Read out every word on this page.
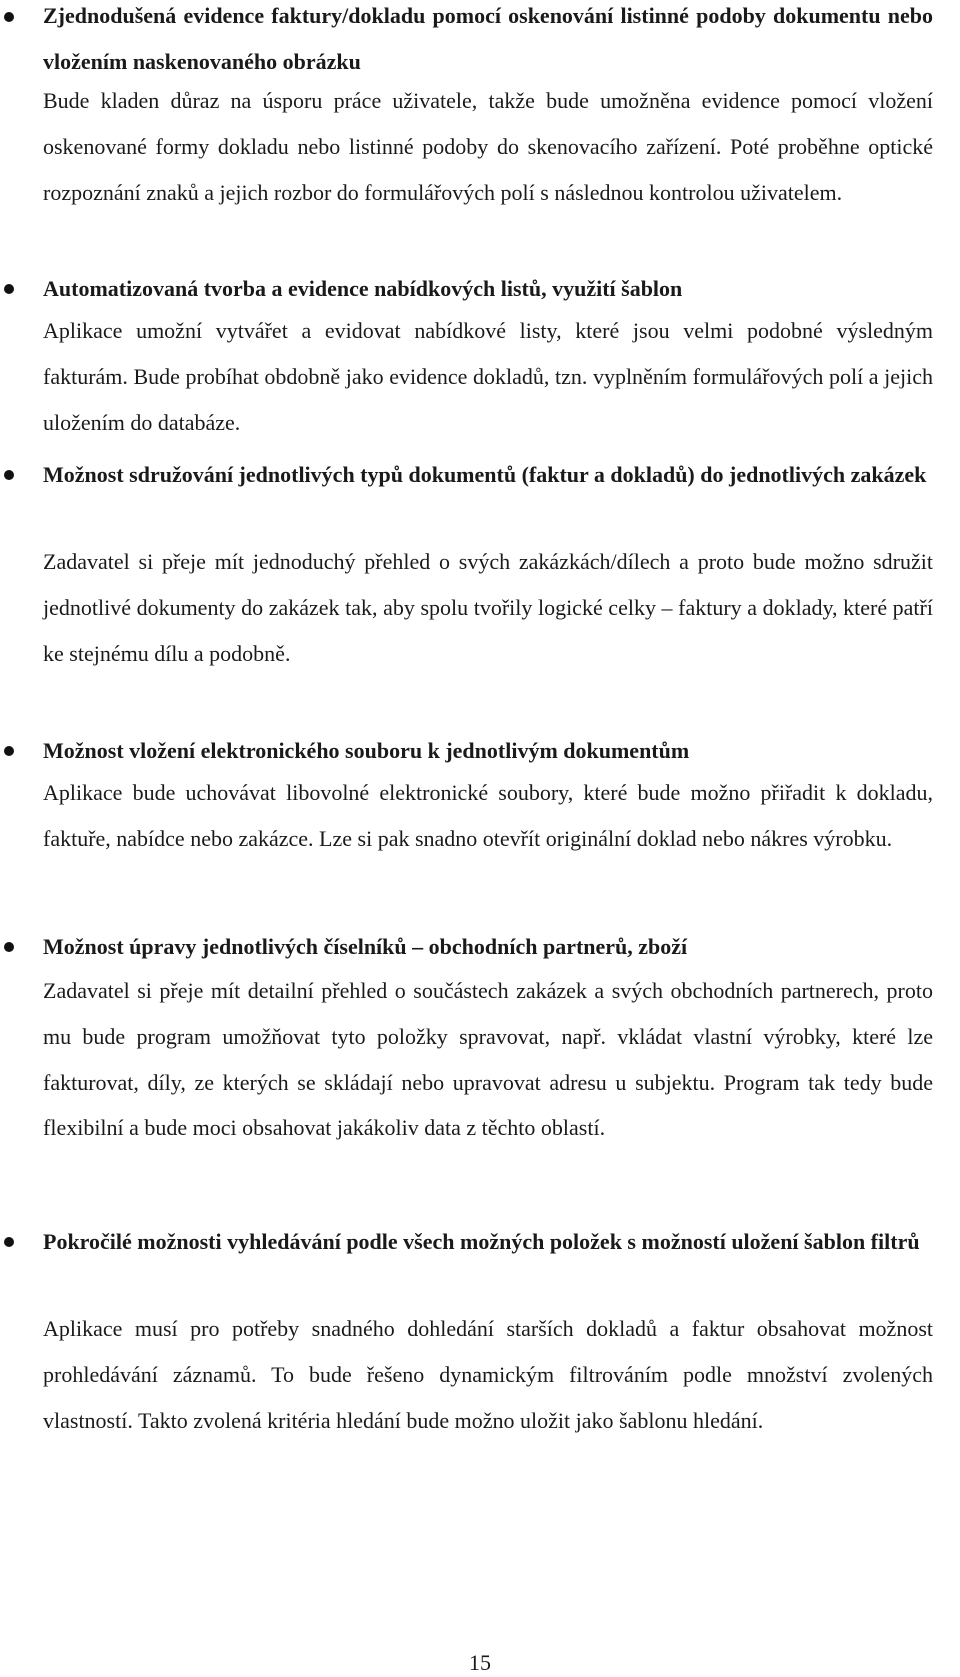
Zjednodušená evidence faktury/dokladu pomocí oskenování listinné podoby dokumentu nebo vložením naskenovaného obrázku
Bude kladen důraz na úsporu práce uživatele, takže bude umožněna evidence pomocí vložení oskenované formy dokladu nebo listinné podoby do skenovacího zařízení. Poté proběhne optické rozpoznání znaků a jejich rozbor do formulářových polí s následnou kontrolou uživatelem.
Automatizovaná tvorba a evidence nabídkových listů, využití šablon
Aplikace umožní vytvářet a evidovat nabídkové listy, které jsou velmi podobné výsledným fakturám. Bude probíhat obdobně jako evidence dokladů, tzn. vyplněním formulářových polí a jejich uložením do databáze.
Možnost sdružování jednotlivých typů dokumentů (faktur a dokladů) do jednotlivých zakázek
Zadavatel si přeje mít jednoduchý přehled o svých zakázkách/dílech a proto bude možno sdružit jednotlivé dokumenty do zakázek tak, aby spolu tvořily logické celky – faktury a doklady, které patří ke stejnému dílu a podobně.
Možnost vložení elektronického souboru k jednotlivým dokumentům
Aplikace bude uchovávat libovolné elektronické soubory, které bude možno přiřadit k dokladu, faktuře, nabídce nebo zakázce. Lze si pak snadno otevřít originální doklad nebo nákres výrobku.
Možnost úpravy jednotlivých číselníků – obchodních partnerů, zboží
Zadavatel si přeje mít detailní přehled o součástech zakázek a svých obchodních partnerech, proto mu bude program umožňovat tyto položky spravovat, např. vkládat vlastní výrobky, které lze fakturovat, díly, ze kterých se skládají nebo upravovat adresu u subjektu. Program tak tedy bude flexibilní a bude moci obsahovat jakákoliv data z těchto oblastí.
Pokročilé možnosti vyhledávání podle všech možných položek s možností uložení šablon filtrů
Aplikace musí pro potřeby snadného dohledání starších dokladů a faktur obsahovat možnost prohledávání záznamů. To bude řešeno dynamickým filtrováním podle množství zvolených vlastností. Takto zvolená kritéria hledání bude možno uložit jako šablonu hledání.
15
